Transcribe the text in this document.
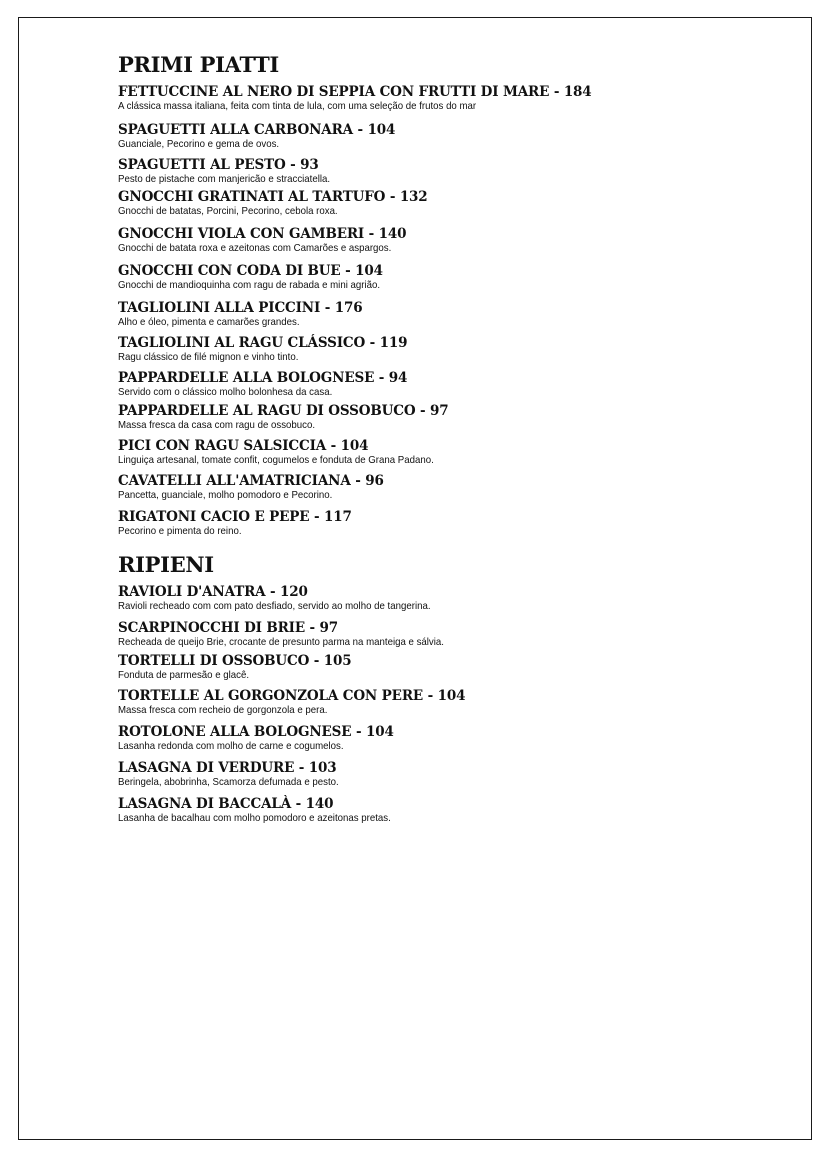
PRIMI PIATTI
FETTUCCINE AL NERO DI SEPPIA CON FRUTTI DI MARE - 184
A clássica massa italiana, feita com tinta de lula, com uma seleção de frutos do mar
SPAGUETTI ALLA CARBONARA - 104
Guanciale, Pecorino e gema de ovos.
SPAGUETTI AL PESTO - 93
Pesto de pistache com manjericão e stracciatella.
GNOCCHI GRATINATI AL TARTUFO - 132
Gnocchi de batatas, Porcini, Pecorino, cebola roxa.
GNOCCHI VIOLA CON GAMBERI - 140
Gnocchi de batata roxa e azeitonas com Camarões e aspargos.
GNOCCHI CON CODA DI BUE - 104
Gnocchi de mandioquinha com ragu de rabada e mini agrião.
TAGLIOLINI ALLA PICCINI - 176
Alho e óleo, pimenta e camarões grandes.
TAGLIOLINI AL RAGU CLÁSSICO - 119
Ragu clássico de filé mignon e vinho tinto.
PAPPARDELLE ALLA BOLOGNESE - 94
Servido com o clássico molho bolonhesa da casa.
PAPPARDELLE AL RAGU DI OSSOBUCO - 97
Massa fresca da casa com ragu de ossobuco.
PICI CON RAGU SALSICCIA - 104
Linguiça artesanal, tomate confit, cogumelos e fonduta de Grana Padano.
CAVATELLI ALL'AMATRICIANA - 96
Pancetta, guanciale, molho pomodoro e Pecorino.
RIGATONI CACIO E PEPE - 117
Pecorino e pimenta do reino.
RIPIENI
RAVIOLI D'ANATRA - 120
Ravioli recheado com com pato desfiado, servido ao molho de tangerina.
SCARPINOCCHI DI BRIE - 97
Recheada de queijo Brie, crocante de presunto parma na manteiga e sálvia.
TORTELLI DI OSSOBUCO - 105
Fonduta de parmesão e glacê.
TORTELLE AL GORGONZOLA CON PERE - 104
Massa fresca com recheio de gorgonzola e pera.
ROTOLONE ALLA BOLOGNESE - 104
Lasanha redonda com molho de carne e cogumelos.
LASAGNA DI VERDURE - 103
Beringela, abobrinha, Scamorza defumada e pesto.
LASAGNA DI BACCALÀ - 140
Lasanha de bacalhau com molho pomodoro e azeitonas pretas.
